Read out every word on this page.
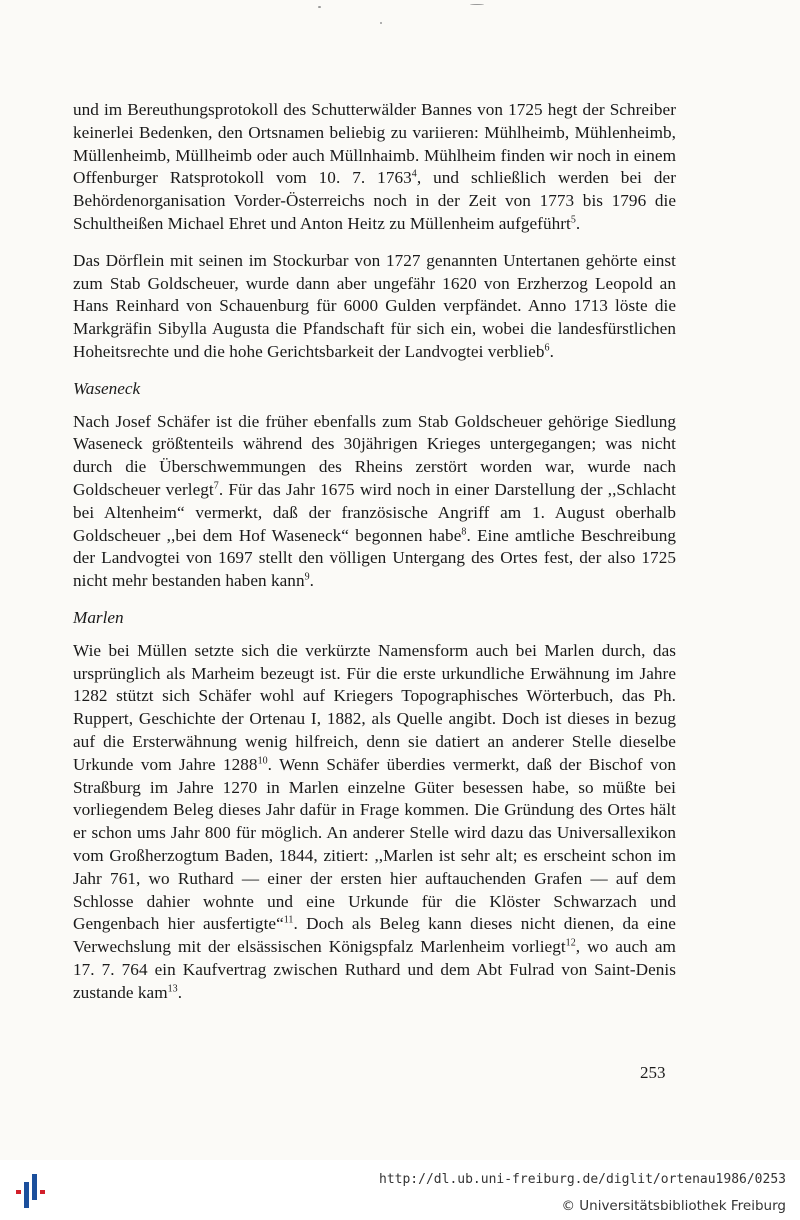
und im Bereuthungsprotokoll des Schutterwälder Bannes von 1725 hegt der Schreiber keinerlei Bedenken, den Ortsnamen beliebig zu variieren: Mühlheimb, Mühlenheimb, Müllenheimb, Müllheimb oder auch Müllnhaimb. Mühlheim finden wir noch in einem Offenburger Ratsprotokoll vom 10. 7. 1763$^4$, und schließlich werden bei der Behördenorganisation Vorder-Österreichs noch in der Zeit von 1773 bis 1796 die Schultheißen Michael Ehret und Anton Heitz zu Müllenheim aufgeführt$^5$.

Das Dörflein mit seinen im Stockurbar von 1727 genannten Untertanen gehörte einst zum Stab Goldscheuer, wurde dann aber ungefähr 1620 von Erzherzog Leopold an Hans Reinhard von Schauenburg für 6000 Gulden verpfändet. Anno 1713 löste die Markgräfin Sibylla Augusta die Pfandschaft für sich ein, wobei die landesfürstlichen Hoheitsrechte und die hohe Gerichtsbarkeit der Landvogtei verblieb$^6$.

Waseneck

Nach Josef Schäfer ist die früher ebenfalls zum Stab Goldscheuer gehörige Siedlung Waseneck größtenteils während des 30jährigen Krieges untergegangen; was nicht durch die Überschwemmungen des Rheins zerstört worden war, wurde nach Goldscheuer verlegt$^7$. Für das Jahr 1675 wird noch in einer Darstellung der ,,Schlacht bei Altenheim“ vermerkt, daß der französische Angriff am 1. August oberhalb Goldscheuer ,,bei dem Hof Waseneck“ begonnen habe$^8$. Eine amtliche Beschreibung der Landvogtei von 1697 stellt den völligen Untergang des Ortes fest, der also 1725 nicht mehr bestanden haben kann$^9$.

Marlen

Wie bei Müllen setzte sich die verkürzte Namensform auch bei Marlen durch, das ursprünglich als Marheim bezeugt ist. Für die erste urkundliche Erwähnung im Jahre 1282 stützt sich Schäfer wohl auf Kriegers Topographisches Wörterbuch, das Ph. Ruppert, Geschichte der Ortenau I, 1882, als Quelle angibt. Doch ist dieses in bezug auf die Ersterwähnung wenig hilfreich, denn sie datiert an anderer Stelle dieselbe Urkunde vom Jahre 1288$^{10}$. Wenn Schäfer überdies vermerkt, daß der Bischof von Straßburg im Jahre 1270 in Marlen einzelne Güter besessen habe, so müßte bei vorliegendem Beleg dieses Jahr dafür in Frage kommen. Die Gründung des Ortes hält er schon ums Jahr 800 für möglich. An anderer Stelle wird dazu das Universallexikon vom Großherzogtum Baden, 1844, zitiert: ,,Marlen ist sehr alt; es erscheint schon im Jahr 761, wo Ruthard — einer der ersten hier auftauchenden Grafen — auf dem Schlosse dahier wohnte und eine Urkunde für die Klöster Schwarzach und Gengenbach hier ausfertigte“$^{11}$. Doch als Beleg kann dieses nicht dienen, da eine Verwechslung mit der elsässischen Königspfalz Marlenheim vorliegt$^{12}$, wo auch am 17. 7. 764 ein Kaufvertrag zwischen Ruthard und dem Abt Fulrad von Saint-Denis zustande kam$^{13}$.

253
http://dl.ub.uni-freiburg.de/diglit/ortenau1986/0253
© Universitätsbibliothek Freiburg
